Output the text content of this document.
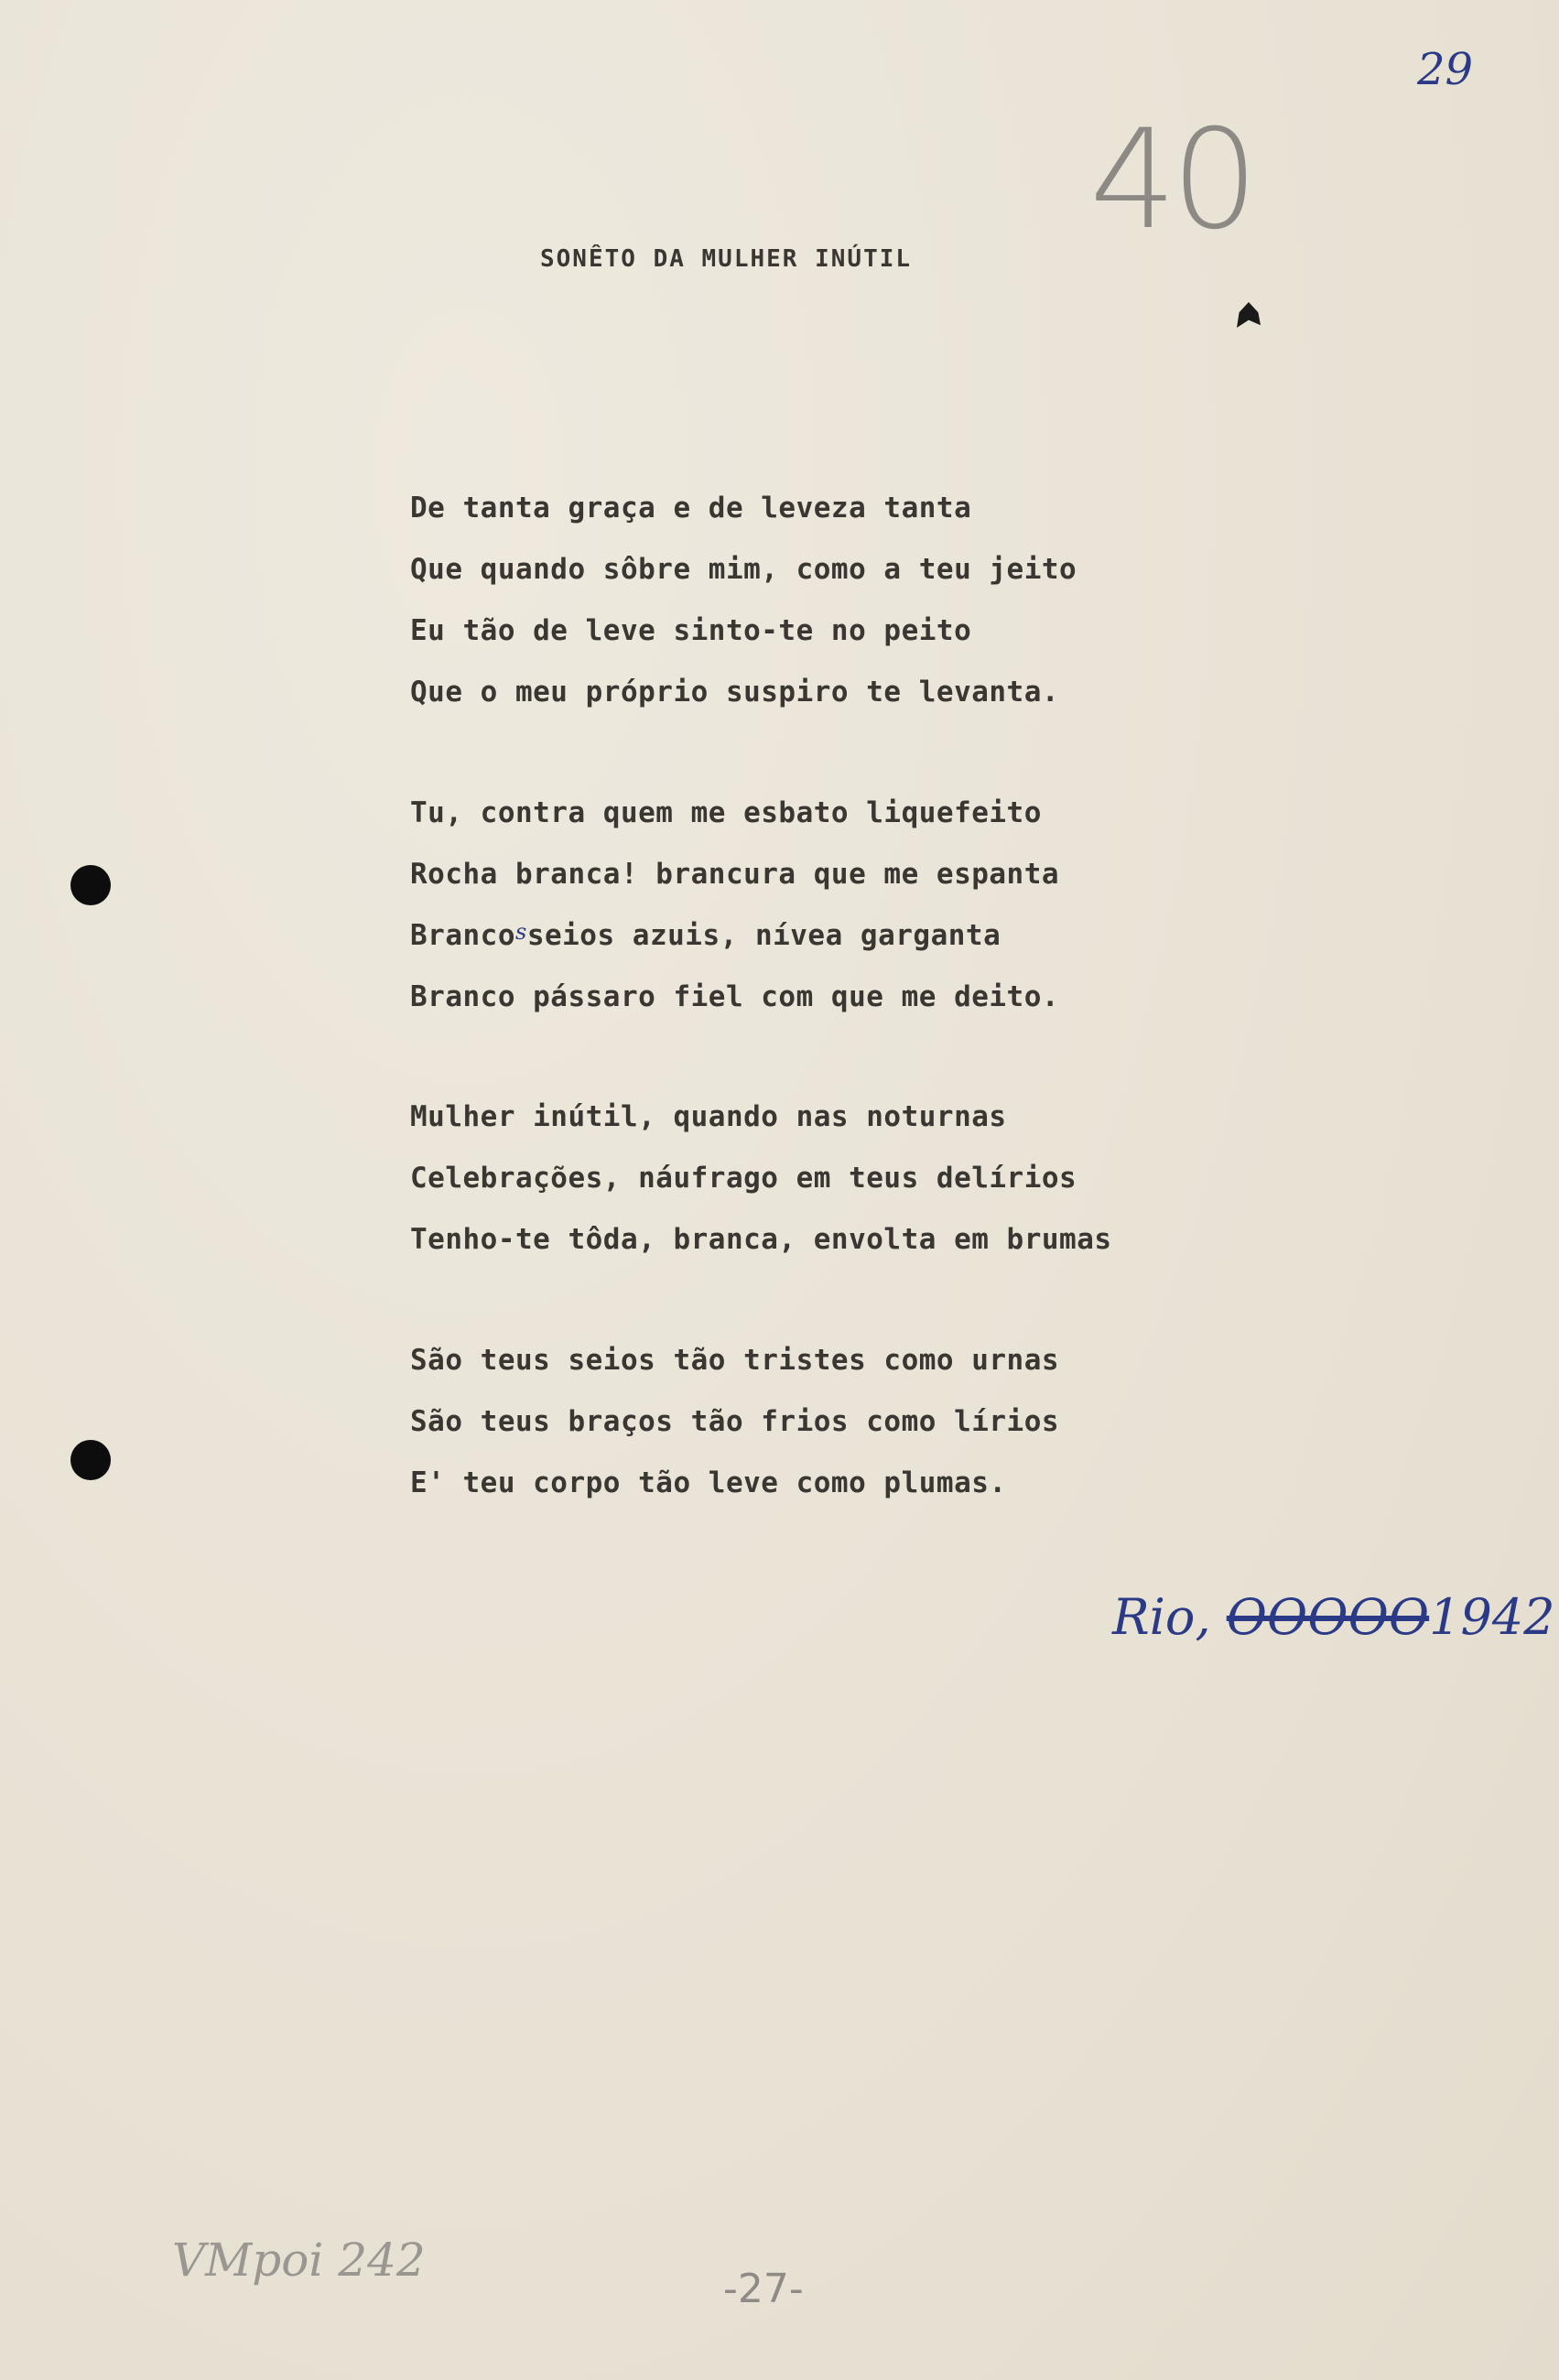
29
40
SONÊTO DA MULHER INÚTIL
De tanta graça e de leveza tanta
Que quando sôbre mim, como a teu jeito
Eu tão de leve sinto-te no peito
Que o meu próprio suspiro te levanta.
Tu, contra quem me esbato liquefeito
Rocha branca! brancura que me espanta
Brancosseios azuis, nívea garganta
Branco pássaro fiel com que me deito.
Mulher inútil, quando nas noturnas
Celebrações, náufrago em teus delírios
Tenho-te tôda, branca, envolta em brumas
São teus seios tão tristes como urnas
São teus braços tão frios como lírios
E' teu corpo tão leve como plumas.
Rio, OOOOO1942
VMpoi 242
-27-
